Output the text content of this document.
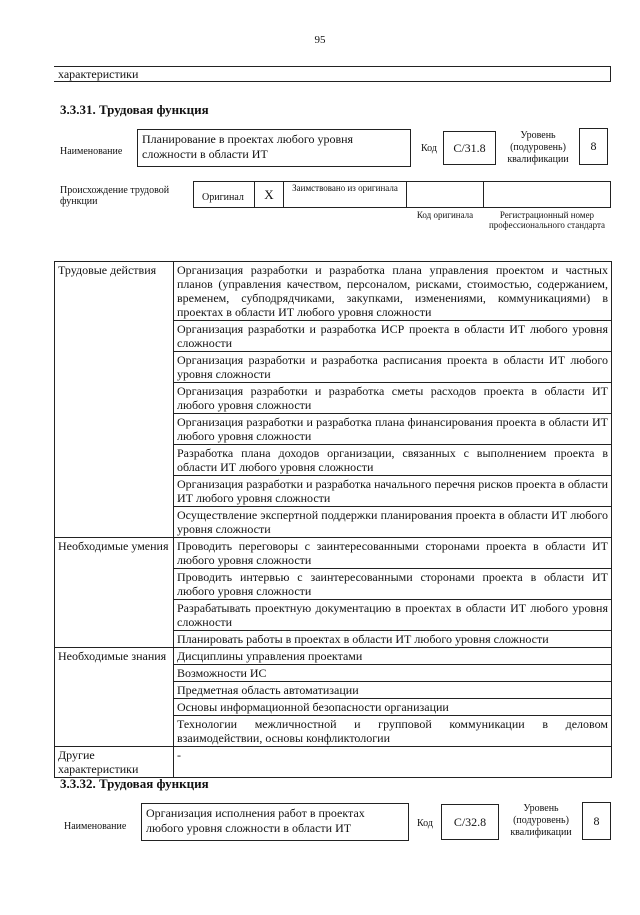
95
характеристики
3.3.31. Трудовая функция
Наименование
Планирование в проектах любого уровня сложности в области ИТ	Код	C/31.8
Уровень (подуровень) квалификации
8
Происхождение трудовой функции	Оригинал	X	Заимствовано из оригинала
Код оригинала	Регистрационный номер профессионального стандарта
Трудовые действия	Организация разработки и разработка плана управления проектом и частных планов (управления качеством, персоналом, рисками, стоимостью, содержанием, временем, субподрядчиками, закупками, изменениями, коммуникациями) в проектах в области ИТ любого уровня сложности
	Организация разработки и разработка ИСР проекта в области ИТ любого уровня сложности
	Организация разработки и разработка расписания проекта в области ИТ любого уровня сложности
	Организация разработки и разработка сметы расходов проекта в области ИТ любого уровня сложности
	Организация разработки и разработка плана финансирования проекта в области ИТ любого уровня сложности
	Разработка плана доходов организации, связанных с выполнением проекта в области ИТ любого уровня сложности
	Организация разработки и разработка начального перечня рисков проекта в области ИТ любого уровня сложности
	Осуществление экспертной поддержки планирования проекта в области ИТ любого уровня сложности
Необходимые умения	Проводить переговоры с заинтересованными сторонами проекта в области ИТ любого уровня сложности
	Проводить интервью с заинтересованными сторонами проекта в области ИТ любого уровня сложности
	Разрабатывать проектную документацию в проектах в области ИТ любого уровня сложности
	Планировать работы в проектах в области ИТ любого уровня сложности
Необходимые знания	Дисциплины управления проектами
	Возможности ИС
	Предметная область автоматизации
	Основы информационной безопасности организации
	Технологии межличностной и групповой коммуникации в деловом взаимодействии, основы конфликтологии
Другие характеристики	-
3.3.32. Трудовая функция
Наименование
Организация исполнения работ в проектах любого уровня сложности в области ИТ	Код	C/32.8
Уровень (подуровень) квалификации
8
